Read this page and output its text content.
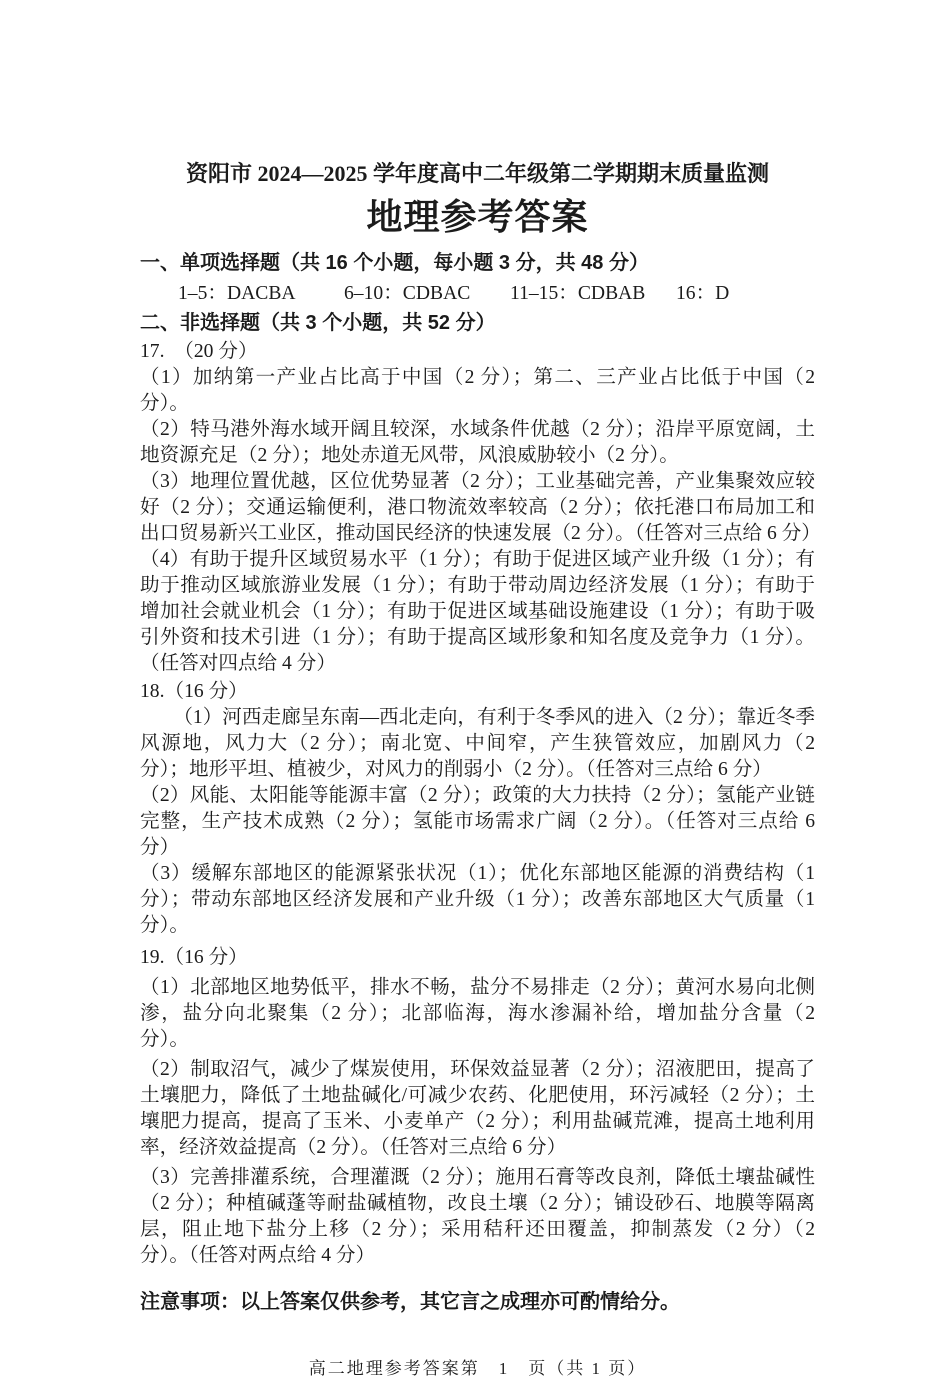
资阳市 2024—2025 学年度高中二年级第二学期期末质量监测
地理参考答案
一、单项选择题（共 16 个小题，每小题 3 分，共 48 分）
1–5：DACBA	6–10：CDBAC	11–15：CDBAB	16：D
二、非选择题（共 3 个小题，共 52 分）
17.　（20 分）

（1）加纳第一产业占比高于中国（2 分）；第二、三产业占比低于中国（2 分）。

（2）特马港外海水域开阔且较深，水域条件优越（2 分）；沿岸平原宽阔，土地资源充足（2 分）；地处赤道无风带，风浪威胁较小（2 分）。

（3）地理位置优越，区位优势显著（2 分）；工业基础完善，产业集聚效应较好（2 分）；交通运输便利，港口物流效率较高（2 分）；依托港口布局加工和出口贸易新兴工业区，推动国民经济的快速发展（2 分）。（任答对三点给 6 分）

（4）有助于提升区域贸易水平（1 分）；有助于促进区域产业升级（1 分）；有助于推动区域旅游业发展（1 分）；有助于带动周边经济发展（1 分）；有助于增加社会就业机会（1 分）；有助于促进区域基础设施建设（1 分）；有助于吸引外资和技术引进（1 分）；有助于提高区域形象和知名度及竞争力（1 分）。（任答对四点给 4 分）

18.（16 分）

（1）河西走廊呈东南—西北走向，有利于冬季风的进入（2 分）；靠近冬季风源地，风力大（2 分）；南北宽、中间窄，产生狭管效应，加剧风力（2 分）；地形平坦、植被少，对风力的削弱小（2 分）。（任答对三点给 6 分）

（2）风能、太阳能等能源丰富（2 分）；政策的大力扶持（2 分）；氢能产业链完整，生产技术成熟（2 分）；氢能市场需求广阔（2 分）。（任答对三点给 6 分）

（3）缓解东部地区的能源紧张状况（1）；优化东部地区能源的消费结构（1 分）；带动东部地区经济发展和产业升级（1 分）；改善东部地区大气质量（1 分）。

19.（16 分）

（1）北部地区地势低平，排水不畅，盐分不易排走（2 分）；黄河水易向北侧渗，盐分向北聚集（2 分）；北部临海，海水渗漏补给，增加盐分含量（2 分）。

（2）制取沼气，减少了煤炭使用，环保效益显著（2 分）；沼液肥田，提高了土壤肥力，降低了土地盐碱化/可减少农药、化肥使用，环污减轻（2 分）；土壤肥力提高，提高了玉米、小麦单产（2 分）；利用盐碱荒滩，提高土地利用率，经济效益提高（2 分）。（任答对三点给 6 分）

（3）完善排灌系统，合理灌溉（2 分）；施用石膏等改良剂，降低土壤盐碱性（2 分）；种植碱蓬等耐盐碱植物，改良土壤（2 分）；铺设砂石、地膜等隔离层，阻止地下盐分上移（2 分）；采用秸秆还田覆盖，抑制蒸发（2 分）（2 分）。（任答对两点给 4 分）

注意事项：以上答案仅供参考，其它言之成理亦可酌情给分。

高二地理参考答案第　1　页（共 1 页）
